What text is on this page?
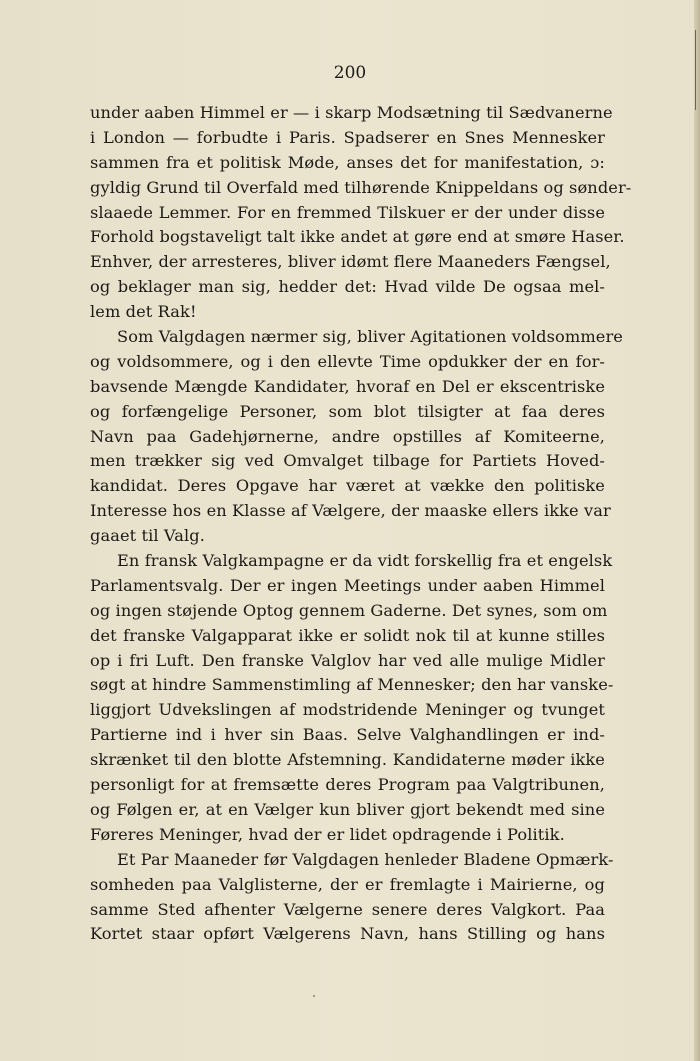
200
under aaben Himmel er — i skarp Modsætning til Sædvanerne
i London — forbudte i Paris. Spadserer en Snes Mennesker
sammen fra et politisk Møde, anses det for manifestation, ɔ:
gyldig Grund til Overfald med tilhørende Knippeldans og sønder-
slaaede Lemmer. For en fremmed Tilskuer er der under disse
Forhold bogstaveligt talt ikke andet at gøre end at smøre Haser.
Enhver, der arresteres, bliver idømt flere Maaneders Fængsel,
og beklager man sig, hedder det: Hvad vilde De ogsaa mel-
lem det Rak!
Som Valgdagen nærmer sig, bliver Agitationen voldsommere
og voldsommere, og i den ellevte Time opdukker der en for-
bavsende Mængde Kandidater, hvoraf en Del er ekscentriske
og forfængelige Personer, som blot tilsigter at faa deres
Navn paa Gadehjørnerne, andre opstilles af Komiteerne,
men trækker sig ved Omvalget tilbage for Partiets Hoved-
kandidat. Deres Opgave har været at vække den politiske
Interesse hos en Klasse af Vælgere, der maaske ellers ikke var
gaaet til Valg.
En fransk Valgkampagne er da vidt forskellig fra et engelsk
Parlamentsvalg. Der er ingen Meetings under aaben Himmel
og ingen støjende Optog gennem Gaderne. Det synes, som om
det franske Valgapparat ikke er solidt nok til at kunne stilles
op i fri Luft. Den franske Valglov har ved alle mulige Midler
søgt at hindre Sammenstimling af Mennesker; den har vanske-
liggjort Udvekslingen af modstridende Meninger og tvunget
Partierne ind i hver sin Baas. Selve Valghandlingen er ind-
skrænket til den blotte Afstemning. Kandidaterne møder ikke
personligt for at fremsætte deres Program paa Valgtribunen,
og Følgen er, at en Vælger kun bliver gjort bekendt med sine
Føreres Meninger, hvad der er lidet opdragende i Politik.
Et Par Maaneder før Valgdagen henleder Bladene Opmærk-
somheden paa Valglisterne, der er fremlagte i Mairierne, og
samme Sted afhenter Vælgerne senere deres Valgkort. Paa
Kortet staar opført Vælgerens Navn, hans Stilling og hans
